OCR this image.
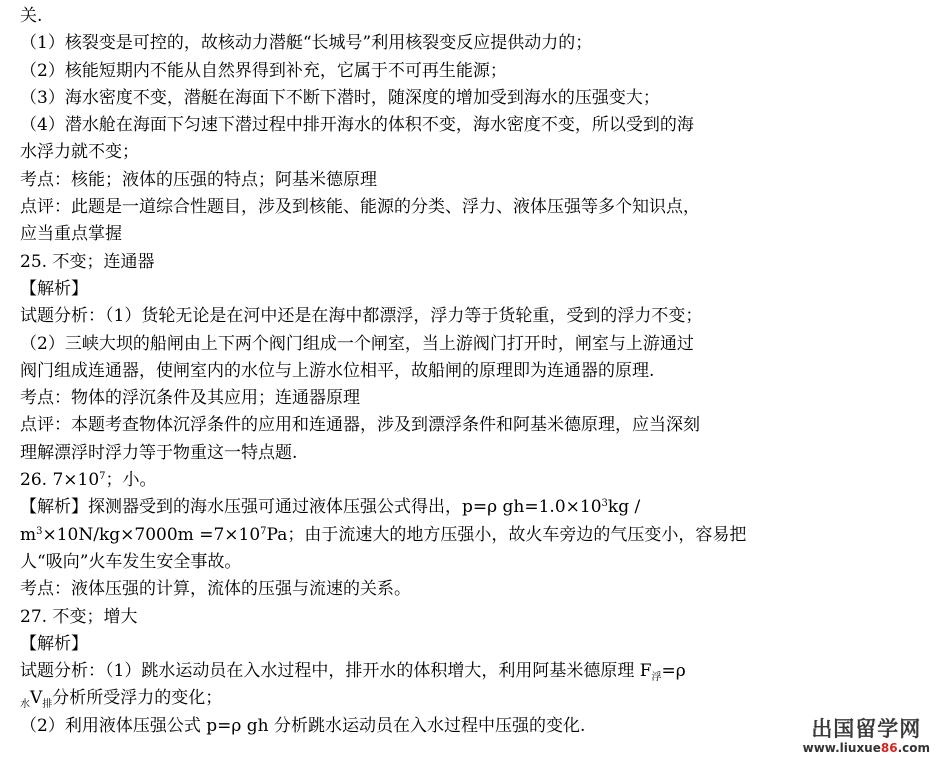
关.
（1）核裂变是可控的，故核动力潜艇“长城号”利用核裂变反应提供动力的；
（2）核能短期内不能从自然界得到补充，它属于不可再生能源；
（3）海水密度不变，潜艇在海面下不断下潜时，随深度的增加受到海水的压强变大；
（4）潜水舱在海面下匀速下潜过程中排开海水的体积不变，海水密度不变，所以受到的海
水浮力就不变；
考点：核能；液体的压强的特点；阿基米德原理
点评：此题是一道综合性题目，涉及到核能、能源的分类、浮力、液体压强等多个知识点，
应当重点掌握
25. 不变；连通器
【解析】
试题分析：（1）货轮无论是在河中还是在海中都漂浮，浮力等于货轮重，受到的浮力不变；
（2）三峡大坝的船闸由上下两个阀门组成一个闸室，当上游阀门打开时，闸室与上游通过
阀门组成连通器，使闸室内的水位与上游水位相平，故船闸的原理即为连通器的原理.
考点：物体的浮沉条件及其应用；连通器原理
点评：本题考查物体沉浮条件的应用和连通器，涉及到漂浮条件和阿基米德原理，应当深刻
理解漂浮时浮力等于物重这一特点题.
26. $7\times 10^7$；小。
【解析】探测器受到的海水压强可通过液体压强公式得出，p=ρ $gh=1.0\times 10^3kg$ /
$m^3\times 10N/kg\times 7000m =7\times 10^7Pa$；由于流速大的地方压强小，故火车旁边的气压变小，容易把
人“吸向”火车发生安全事故。
考点：液体压强的计算，流体的压强与流速的关系。
27. 不变；增大
【解析】
试题分析：（1）跳水运动员在入水过程中，排开水的体积增大，利用阿基米德原理 $F_浮=\rho$
$_水V_排$分析所受浮力的变化；
（2）利用液体压强公式 p=ρ gh 分析跳水运动员在入水过程中压强的变化.	出国留学网
www.liuxue86.com
